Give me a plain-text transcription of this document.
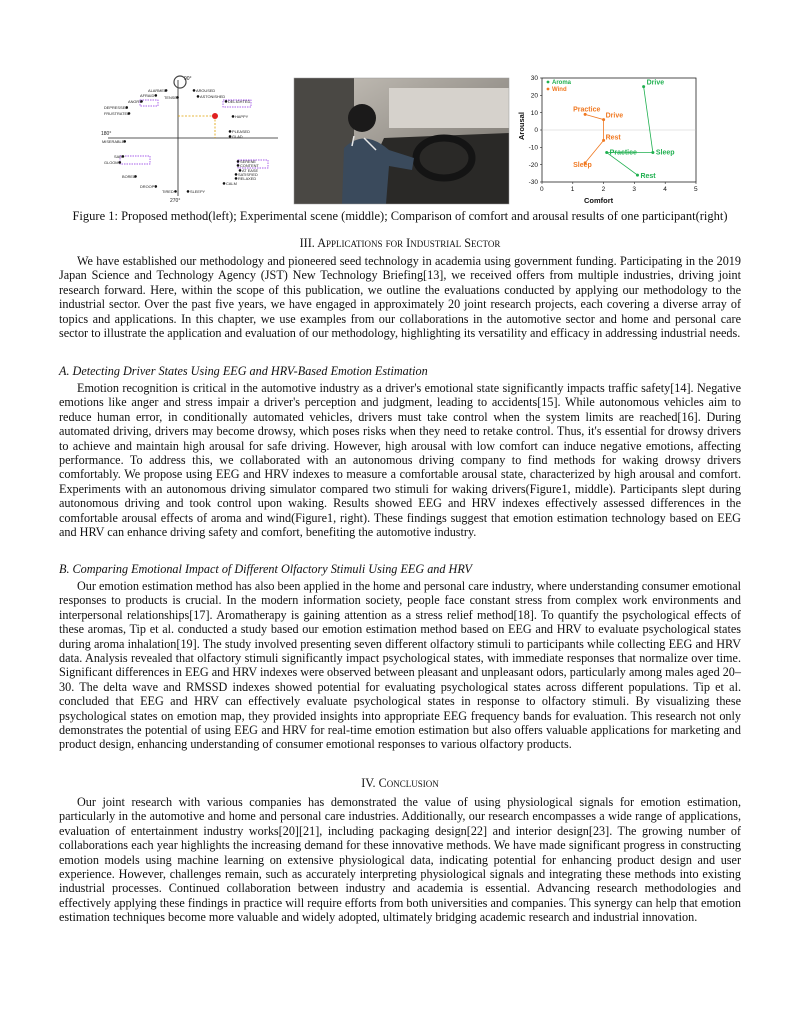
90°
270°
180°
ALARMED
AFRAID
ANGRY
TENSE
DEPRESSED
FRUSTRATED
MISERABLE
SAD
GLOOMY
BORED
DROOPY
TIRED
AROUSED
ASTONISHED
DELIGHTED
HAPPY
PLEASED
GLAD
SERENE
CONTENT
AT EASE
SATISFIED
RELAXED
CALM
SLEEPY	0	1	2	3	4	5
30
20
10
0
-10
-20
-30
Drive
Sleep
Practice
Rest
Practice
Drive
Rest
Sleep
Aroma
Wind
Comfort
Arousal
Figure 1: Proposed method(left); Experimental scene (middle); Comparison of comfort and arousal results of one participant(right)
III. Applications for Industrial Sector

We have established our methodology and pioneered seed technology in academia using government funding. Participating in the 2019 Japan Science and Technology Agency (JST) New Technology Briefing[13], we received offers from multiple industries, driving joint research forward. Here, within the scope of this publication, we outline the evaluations conducted by applying our methodology to the industrial sector. Over the past five years, we have engaged in approximately 20 joint research projects, each covering a diverse array of topics and applications. In this chapter, we use examples from our collaborations in the automotive sector and home and personal care sector to illustrate the application and evaluation of our methodology, highlighting its versatility and efficacy in addressing industrial needs.

A. Detecting Driver States Using EEG and HRV-Based Emotion Estimation

Emotion recognition is critical in the automotive industry as a driver's emotional state significantly impacts traffic safety[14]. Negative emotions like anger and stress impair a driver's perception and judgment, leading to accidents[15]. While autonomous vehicles aim to reduce human error, in conditionally automated vehicles, drivers must take control when the system limits are reached[16]. During automated driving, drivers may become drowsy, which poses risks when they need to retake control. Thus, it's essential for drowsy drivers to achieve and maintain high arousal for safe driving. However, high arousal with low comfort can induce negative emotions, affecting performance. To address this, we collaborated with an autonomous driving company to find methods for waking drowsy drivers comfortably. We propose using EEG and HRV indexes to measure a comfortable arousal state, characterized by high arousal and comfort. Experiments with an autonomous driving simulator compared two stimuli for waking drivers(Figure1, middle). Participants slept during autonomous driving and took control upon waking. Results showed EEG and HRV indexes effectively assessed differences in the comfortable arousal effects of aroma and wind(Figure1, right). These findings suggest that emotion estimation technology based on EEG and HRV can enhance driving safety and comfort, benefiting the automotive industry.

B. Comparing Emotional Impact of Different Olfactory Stimuli Using EEG and HRV

Our emotion estimation method has also been applied in the home and personal care industry, where understanding consumer emotional responses to products is crucial. In the modern information society, people face constant stress from complex work environments and interpersonal relationships[17]. Aromatherapy is gaining attention as a stress relief method[18]. To quantify the psychological effects of these aromas, Tip et al. conducted a study based our emotion estimation method based on EEG and HRV to evaluate psychological states during aroma inhalation[19]. The study involved presenting seven different olfactory stimuli to participants while collecting EEG and HRV data. Analysis revealed that olfactory stimuli significantly impact psychological states, with immediate responses that normalize over time. Significant differences in EEG and HRV indexes were observed between pleasant and unpleasant odors, particularly among males aged 20–30. The delta wave and RMSSD indexes showed potential for evaluating psychological states across different populations. Tip et al. concluded that EEG and HRV can effectively evaluate psychological states in response to olfactory stimuli. By visualizing these psychological states on emotion map, they provided insights into appropriate EEG frequency bands for evaluation. This research not only demonstrates the potential of using EEG and HRV for real-time emotion estimation but also offers valuable applications for marketing and product design, enhancing understanding of consumer emotional responses to various olfactory products.

IV. Conclusion

Our joint research with various companies has demonstrated the value of using physiological signals for emotion estimation, particularly in the automotive and home and personal care industries. Additionally, our research encompasses a wide range of applications, evaluation of entertainment industry works[20][21], including packaging design[22] and interior design[23]. The growing number of collaborations each year highlights the increasing demand for these innovative methods. We have made significant progress in constructing emotion models using machine learning on extensive physiological data, indicating potential for enhancing product design and user experience. However, challenges remain, such as accurately interpreting physiological signals and integrating these methods into existing industrial processes. Continued collaboration between industry and academia is essential. Advancing research methodologies and effectively applying these findings in practice will require efforts from both universities and companies. This synergy can help that emotion estimation techniques become more valuable and widely adopted, ultimately bridging academic research and industrial innovation.
